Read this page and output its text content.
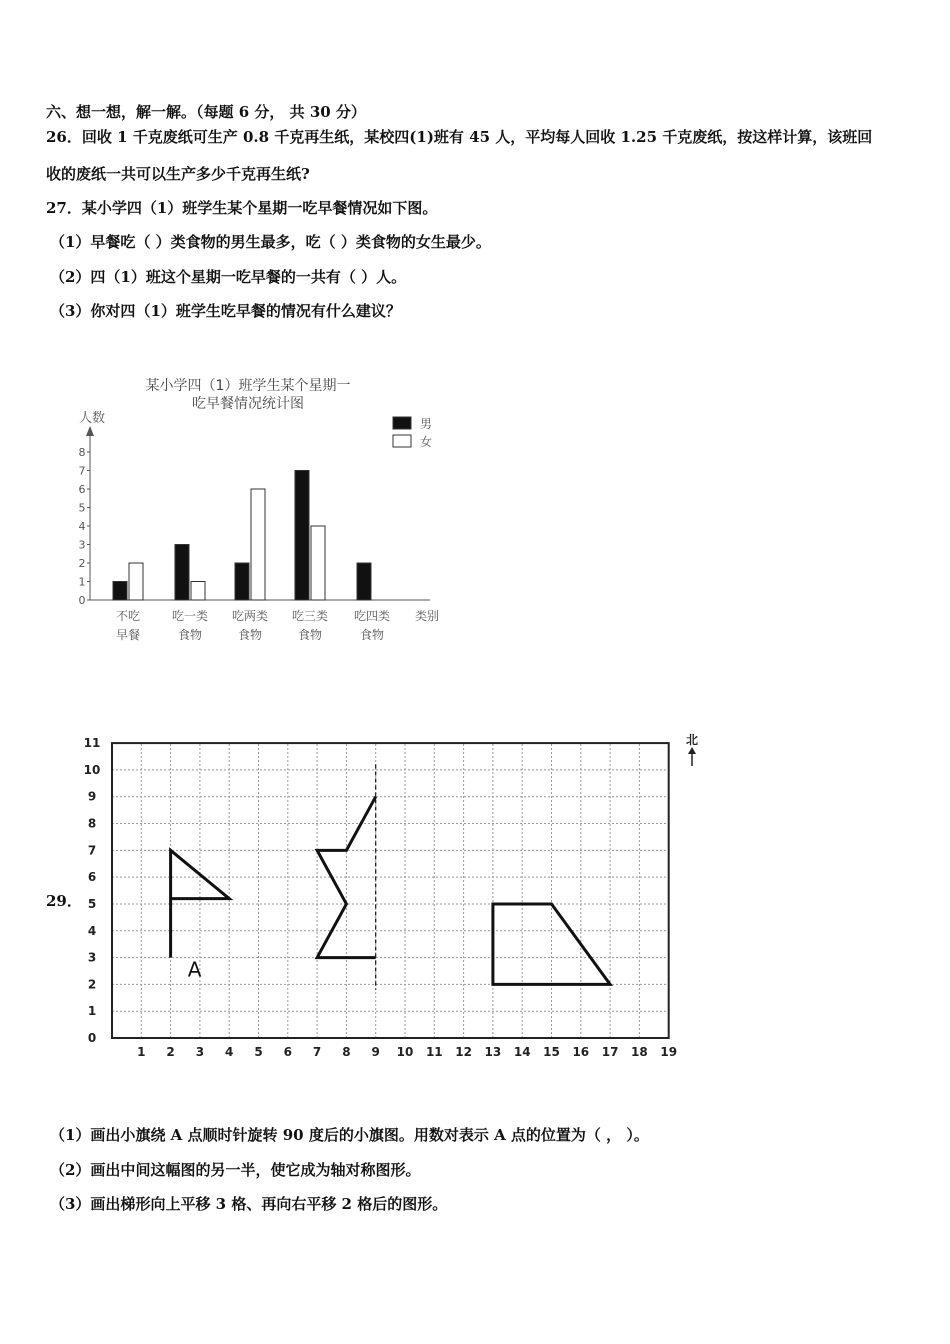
六、想一想，解一解。（每题 6 分， 共 30 分）
26．回收 1 千克废纸可生产 0.8 千克再生纸，某校四(1)班有 45 人，平均每人回收 1.25 千克废纸，按这样计算，该班回
收的废纸一共可以生产多少千克再生纸?
27．某小学四（1）班学生某个星期一吃早餐情况如下图。
（1）早餐吃（ ）类食物的男生最多，吃（ ）类食物的女生最少。
（2）四（1）班这个星期一吃早餐的一共有（ ）人。
（3）你对四（1）班学生吃早餐的情况有什么建议？
某小学四（1）班学生某个星期一
吃早餐情况统计图
人数
类别
0
1
2
3
4
5
6
7
8
不吃
早餐
吃一类
食物
吃两类
食物
吃三类
食物
吃四类
食物
男
女
29．
1 2 3 4 5 6 7 8 9 10 11 12 13 14 15 16 17 18 19
0
1
2
3
4
5
6
7
8
9
10
11	北
A
（1）画出小旗绕 A 点顺时针旋转 90 度后的小旗图。用数对表示 A 点的位置为（ ， ）。
（2）画出中间这幅图的另一半，使它成为轴对称图形。
（3）画出梯形向上平移 3 格、再向右平移 2 格后的图形。
